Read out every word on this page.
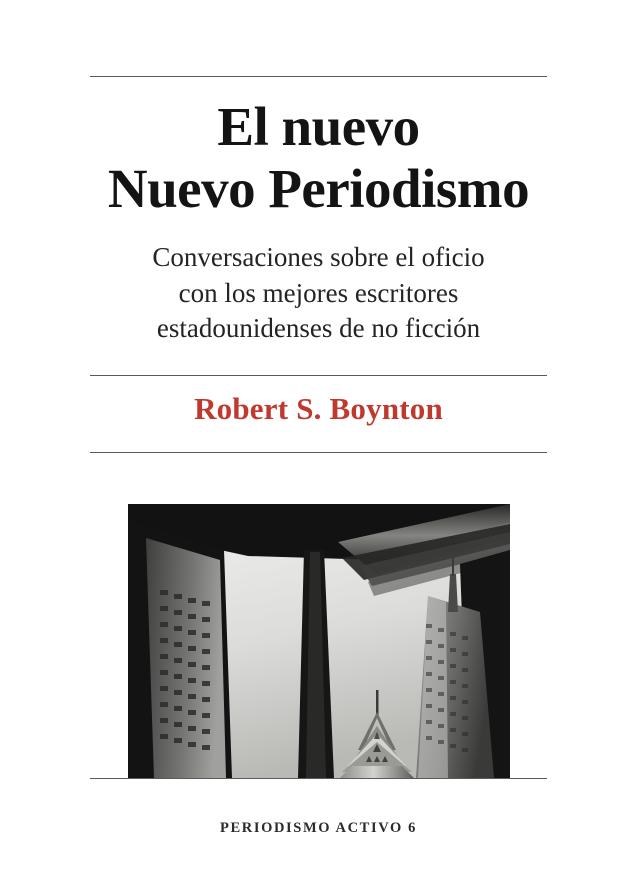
El nuevo
Nuevo Periodismo
Conversaciones sobre el oficio
con los mejores escritores
estadounidenses de no ficción
Robert S. Boynton
PERIODISMO ACTIVO 6
